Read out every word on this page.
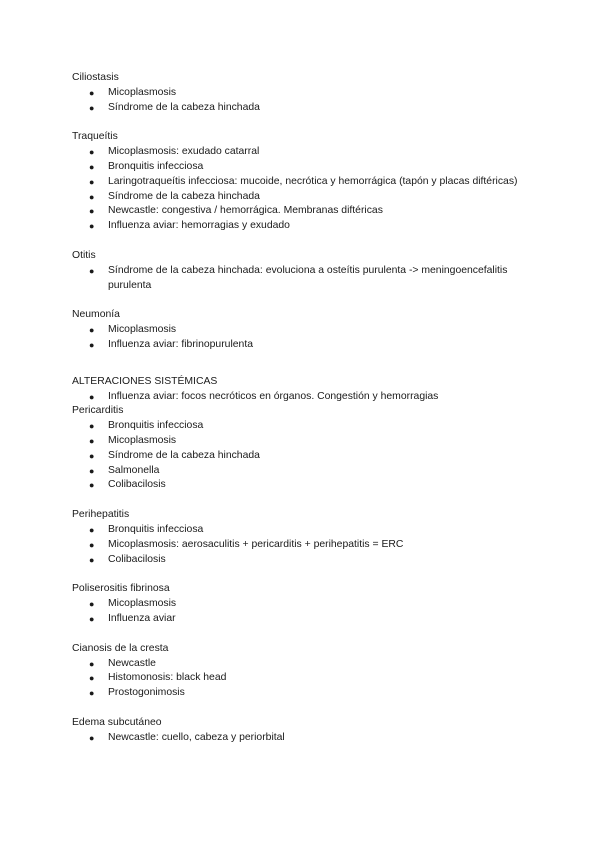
Ciliostasis

● Micoplasmosis
● Síndrome de la cabeza hinchada

Traqueítis

● Micoplasmosis: exudado catarral
● Bronquitis infecciosa
● Laringotraqueítis infecciosa: mucoide, necrótica y hemorrágica (tapón y placas diftéricas)
● Síndrome de la cabeza hinchada
● Newcastle: congestiva / hemorrágica. Membranas diftéricas
● Influenza aviar: hemorragias y exudado

Otitis

● Síndrome de la cabeza hinchada: evoluciona a osteítis purulenta -> meningoencefalitis purulenta

Neumonía

● Micoplasmosis
● Influenza aviar: fibrinopurulenta

ALTERACIONES SISTÉMICAS

● Influenza aviar: focos necróticos en órganos. Congestión y hemorragias

Pericarditis

● Bronquitis infecciosa
● Micoplasmosis
● Síndrome de la cabeza hinchada
● Salmonella
● Colibacilosis

Perihepatitis

● Bronquitis infecciosa
● Micoplasmosis: aerosaculitis + pericarditis + perihepatitis = ERC
● Colibacilosis

Poliserositis fibrinosa

● Micoplasmosis
● Influenza aviar

Cianosis de la cresta

● Newcastle
● Histomonosis: black head
● Prostogonimosis

Edema subcutáneo

● Newcastle: cuello, cabeza y periorbital
